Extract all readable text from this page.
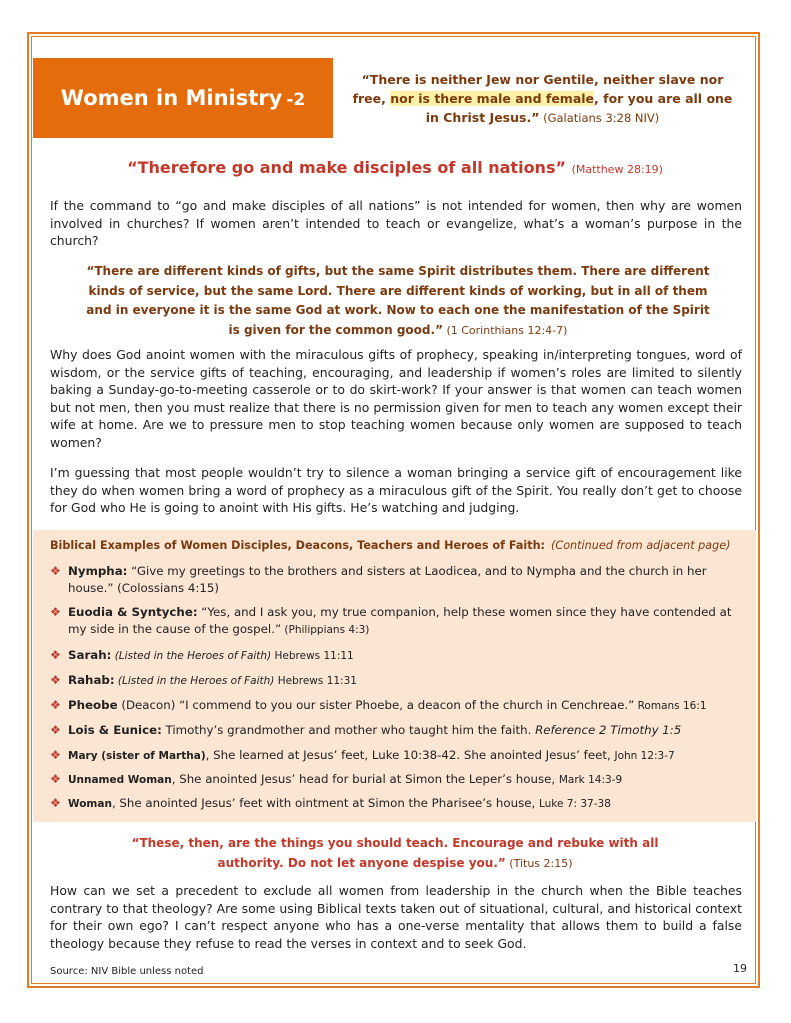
Women in Ministry -2
“There is neither Jew nor Gentile, neither slave nor free, nor is there male and female, for you are all one in Christ Jesus.” (Galatians 3:28 NIV)
“Therefore go and make disciples of all nations” (Matthew 28:19)
If the command to “go and make disciples of all nations” is not intended for women, then why are women involved in churches? If women aren’t intended to teach or evangelize, what’s a woman’s purpose in the church?
“There are different kinds of gifts, but the same Spirit distributes them. There are different kinds of service, but the same Lord. There are different kinds of working, but in all of them and in everyone it is the same God at work. Now to each one the manifestation of the Spirit is given for the common good.” (1 Corinthians 12:4-7)
Why does God anoint women with the miraculous gifts of prophecy, speaking in/interpreting tongues, word of wisdom, or the service gifts of teaching, encouraging, and leadership if women’s roles are limited to silently baking a Sunday-go-to-meeting casserole or to do skirt-work? If your answer is that women can teach women but not men, then you must realize that there is no permission given for men to teach any women except their wife at home. Are we to pressure men to stop teaching women because only women are supposed to teach women?
I’m guessing that most people wouldn’t try to silence a woman bringing a service gift of encouragement like they do when women bring a word of prophecy as a miraculous gift of the Spirit. You really don’t get to choose for God who He is going to anoint with His gifts. He’s watching and judging.
Biblical Examples of Women Disciples, Deacons, Teachers and Heroes of Faith: (Continued from adjacent page)
❖ Nympha: “Give my greetings to the brothers and sisters at Laodicea, and to Nympha and the church in her house.” (Colossians 4:15)
❖ Euodia & Syntyche: “Yes, and I ask you, my true companion, help these women since they have contended at my side in the cause of the gospel.” (Philippians 4:3)
❖ Sarah: (Listed in the Heroes of Faith) Hebrews 11:11
❖ Rahab: (Listed in the Heroes of Faith) Hebrews 11:31
❖ Pheobe (Deacon) “I commend to you our sister Phoebe, a deacon of the church in Cenchreae.” Romans 16:1
❖ Lois & Eunice: Timothy’s grandmother and mother who taught him the faith. Reference 2 Timothy 1:5
❖ Mary (sister of Martha), She learned at Jesus’ feet, Luke 10:38-42. She anointed Jesus’ feet, John 12:3-7
❖ Unnamed Woman, She anointed Jesus’ head for burial at Simon the Leper’s house, Mark 14:3-9
❖ Woman, She anointed Jesus’ feet with ointment at Simon the Pharisee’s house, Luke 7: 37-38
“These, then, are the things you should teach. Encourage and rebuke with all authority. Do not let anyone despise you.” (Titus 2:15)
How can we set a precedent to exclude all women from leadership in the church when the Bible teaches contrary to that theology? Are some using Biblical texts taken out of situational, cultural, and historical context for their own ego? I can’t respect anyone who has a one-verse mentality that allows them to build a false theology because they refuse to read the verses in context and to seek God.
Source: NIV Bible unless noted	19
